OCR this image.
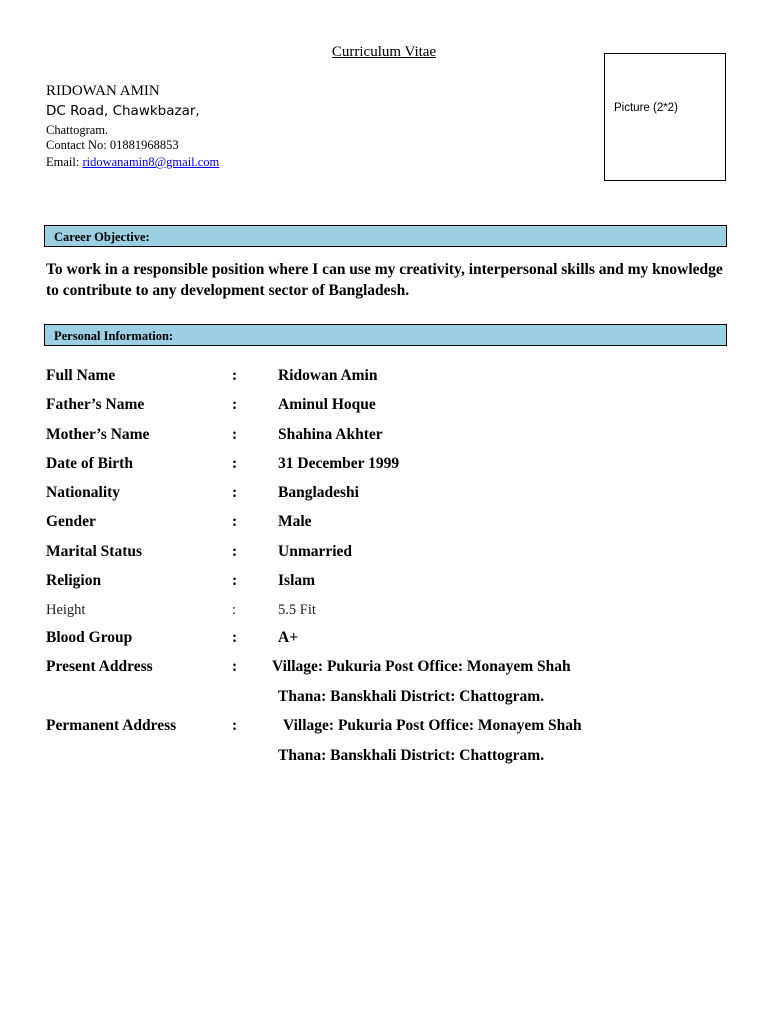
Curriculum Vitae
RIDOWAN AMIN
DC Road, Chawkbazar,
Chattogram.
Contact No: 01881968853
Email: ridowanamin8@gmail.com
Picture (2*2)
Career Objective:
To work in a responsible position where I can use my creativity, interpersonal skills and my knowledge to contribute to any development sector of Bangladesh.
Personal Information:
Full Name	:	Ridowan Amin
Father’s Name	:	Aminul Hoque
Mother’s Name	:	Shahina Akhter
Date of Birth	:	31 December 1999
Nationality	:	Bangladeshi
Gender	:	Male
Marital Status	:	Unmarried
Religion	:	Islam
Height	:	5.5 Fit
Blood Group	:	A+
Present Address	: Village: Pukuria Post Office: Monayem Shah
Thana: Banskhali District: Chattogram.
Permanent Address	:	Village: Pukuria Post Office: Monayem Shah
Thana: Banskhali District: Chattogram.
